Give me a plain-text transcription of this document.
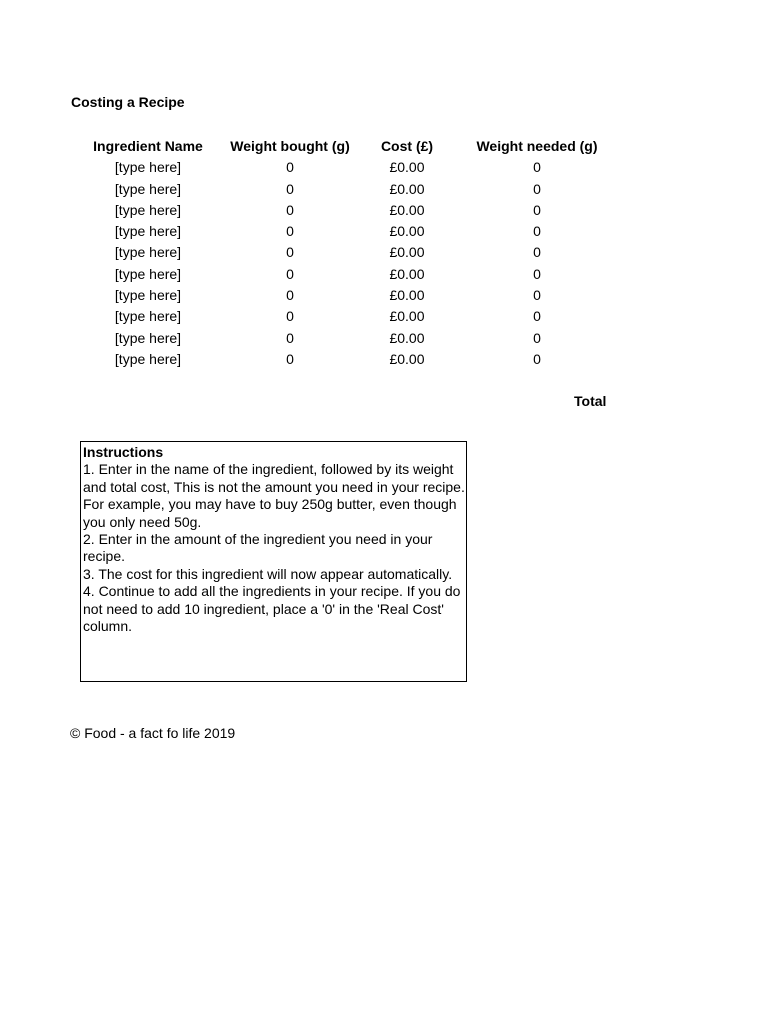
Costing a Recipe
Ingredient Name	Weight bought (g)	Cost (£)	Weight needed (g)
[type here]	0	£0.00	0
[type here]	0	£0.00	0
[type here]	0	£0.00	0
[type here]	0	£0.00	0
[type here]	0	£0.00	0
[type here]	0	£0.00	0
[type here]	0	£0.00	0
[type here]	0	£0.00	0
[type here]	0	£0.00	0
[type here]	0	£0.00	0
Total
Instructions
1. Enter in the name of the ingredient, followed by its weight and total cost, This is not the amount you need in your recipe. For example, you may have to buy 250g butter, even though you only need 50g.
2. Enter in the amount of the ingredient you need in your recipe.
3. The cost for this ingredient will now appear automatically.
4. Continue to add all the ingredients in your recipe. If you do not need to add 10 ingredient, place a '0' in the 'Real Cost' column.
© Food - a fact fo life 2019
